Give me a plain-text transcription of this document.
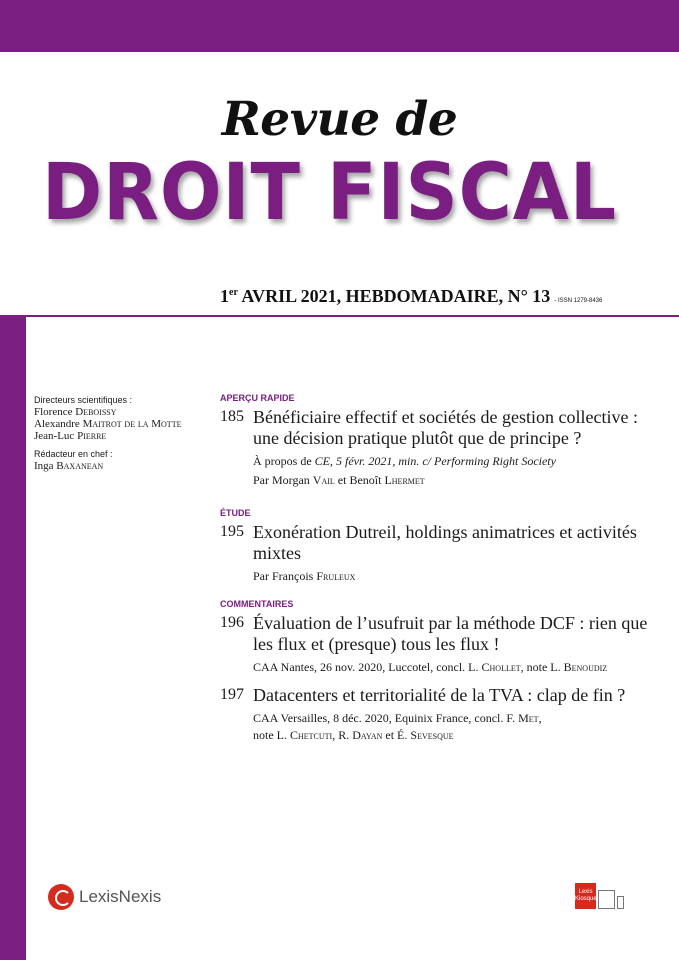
Revue de
DROIT FISCAL
1er AVRIL 2021, HEBDOMADAIRE, N° 13 - ISSN 1279-8436
Directeurs scientifiques :
Florence Deboissy
Alexandre Maitrot de la Motte
Jean-Luc Pierre
Rédacteur en chef :
Inga Baxanean
APERÇU RAPIDE
185 Bénéficiaire effectif et sociétés de gestion collective : une décision pratique plutôt que de principe ?
À propos de CE, 5 févr. 2021, min. c/ Performing Right Society
Par Morgan Vail et Benoît Lhermet
ÉTUDE
195 Exonération Dutreil, holdings animatrices et activités mixtes
Par François Fruleux
COMMENTAIRES
196 Évaluation de l’usufruit par la méthode DCF : rien que les flux et (presque) tous les flux !
CAA Nantes, 26 nov. 2020, Luccotel, concl. L. Chollet, note L. Benoudiz
197 Datacenters et territorialité de la TVA : clap de fin ?
CAA Versailles, 8 déc. 2020, Equinix France, concl. F. Met,
note L. Chetcuti, R. Dayan et É. Sevesque
LexisNexis	Lexis
Kiosque
